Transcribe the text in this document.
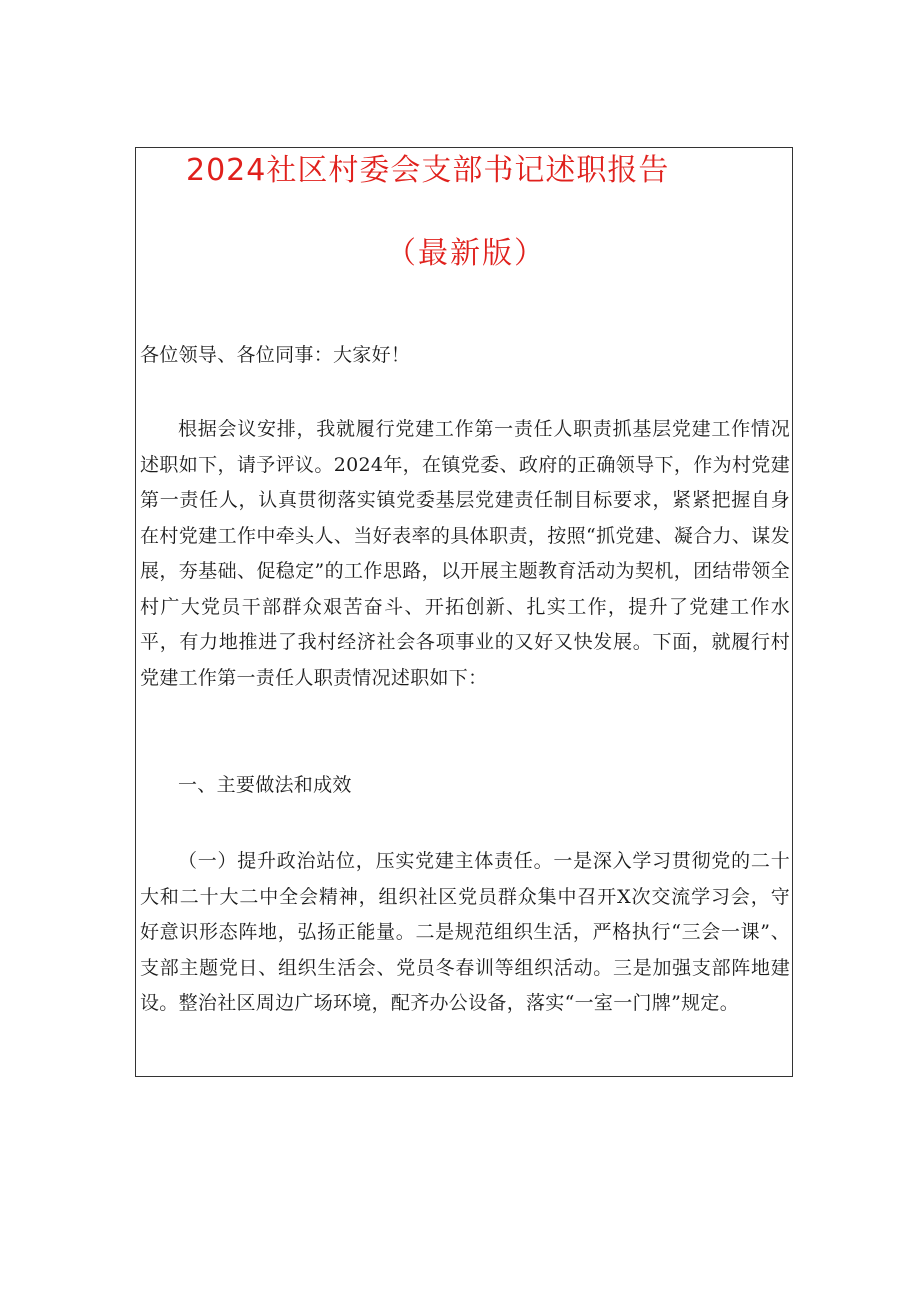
2024社区村委会支部书记述职报告
（最新版）

各位领导、各位同事：大家好！

根据会议安排，我就履行党建工作第一责任人职责抓基层党建工作情况述职如下，请予评议。2024年，在镇党委、政府的正确领导下，作为村党建第一责任人，认真贯彻落实镇党委基层党建责任制目标要求，紧紧把握自身在村党建工作中牵头人、当好表率的具体职责，按照“抓党建、凝合力、谋发展，夯基础、促稳定”的工作思路，以开展主题教育活动为契机，团结带领全村广大党员干部群众艰苦奋斗、开拓创新、扎实工作，提升了党建工作水平，有力地推进了我村经济社会各项事业的又好又快发展。下面，就履行村党建工作第一责任人职责情况述职如下：

一、主要做法和成效

（一）提升政治站位，压实党建主体责任。一是深入学习贯彻党的二十大和二十大二中全会精神，组织社区党员群众集中召开X次交流学习会，守好意识形态阵地，弘扬正能量。二是规范组织生活，严格执行“三会一课”、支部主题党日、组织生活会、党员冬春训等组织活动。三是加强支部阵地建设。整治社区周边广场环境，配齐办公设备，落实“一室一门牌”规定。
